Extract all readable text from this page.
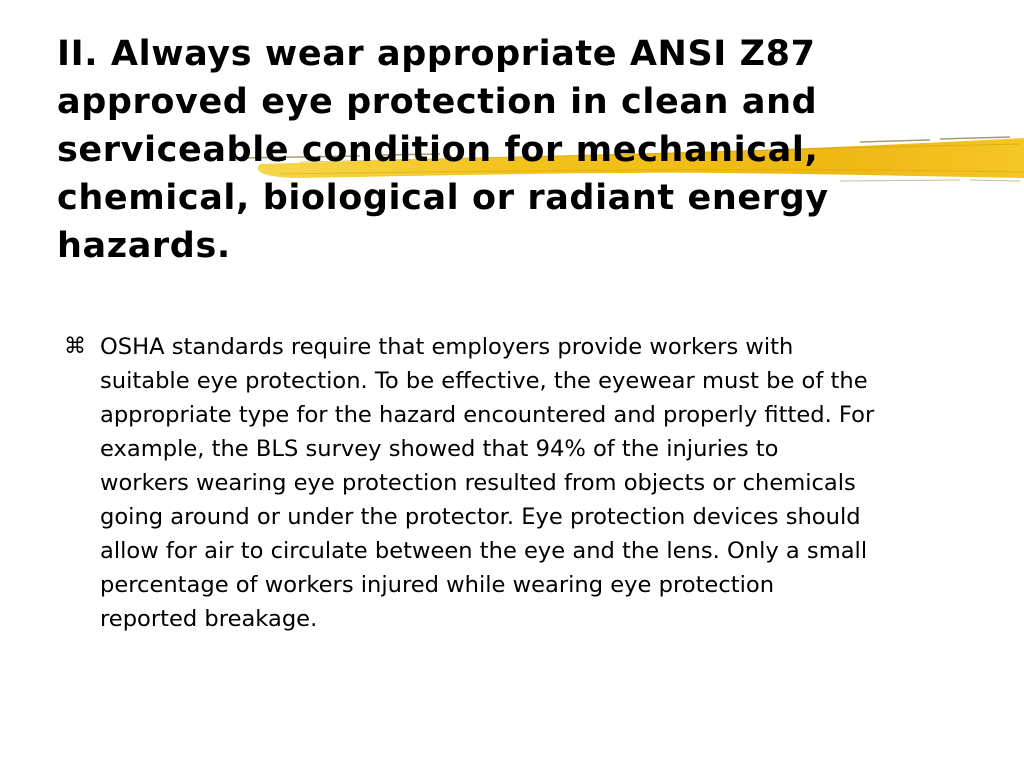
II. Always wear appropriate ANSI Z87
approved eye protection in clean and
serviceable condition for mechanical,
chemical, biological or radiant energy
hazards.
⌘ OSHA standards require that employers provide workers with
suitable eye protection. To be effective, the eyewear must be of the
appropriate type for the hazard encountered and properly fitted. For
example, the BLS survey showed that 94% of the injuries to
workers wearing eye protection resulted from objects or chemicals
going around or under the protector. Eye protection devices should
allow for air to circulate between the eye and the lens. Only a small
percentage of workers injured while wearing eye protection
reported breakage.
